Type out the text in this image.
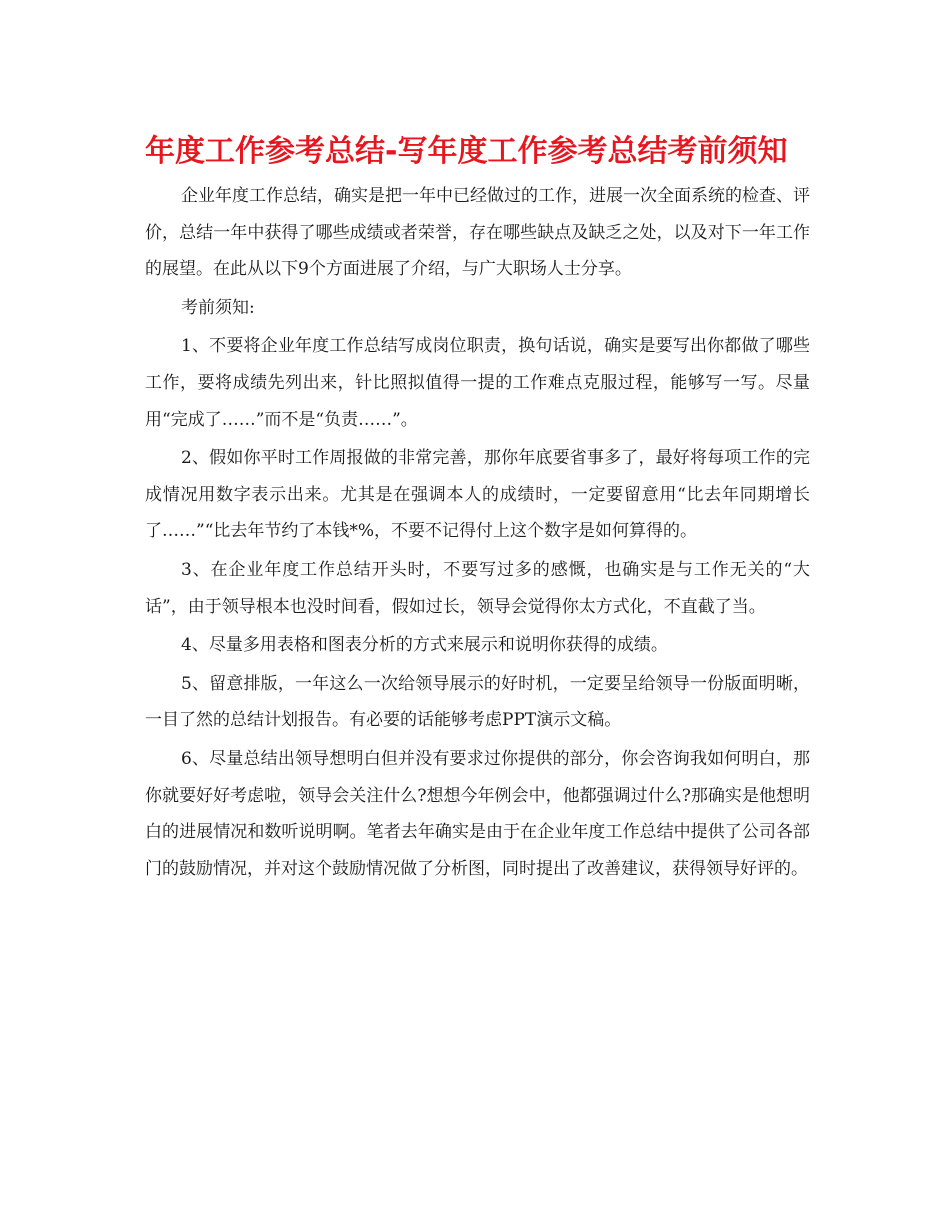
年度工作参考总结-写年度工作参考总结考前须知

企业年度工作总结，确实是把一年中已经做过的工作，进展一次全面系统的检查、评价，总结一年中获得了哪些成绩或者荣誉，存在哪些缺点及缺乏之处，以及对下一年工作的展望。在此从以下9个方面进展了介绍，与广大职场人士分享。

考前须知:

1、不要将企业年度工作总结写成岗位职责，换句话说，确实是要写出你都做了哪些工作，要将成绩先列出来，针比照拟值得一提的工作难点克服过程，能够写一写。尽量用“完成了……”而不是“负责……”。

2、假如你平时工作周报做的非常完善，那你年底要省事多了，最好将每项工作的完成情况用数字表示出来。尤其是在强调本人的成绩时，一定要留意用“比去年同期增长了……”“比去年节约了本钱*%，不要不记得付上这个数字是如何算得的。

3、在企业年度工作总结开头时，不要写过多的感慨，也确实是与工作无关的“大话”，由于领导根本也没时间看，假如过长，领导会觉得你太方式化，不直截了当。

4、尽量多用表格和图表分析的方式来展示和说明你获得的成绩。

5、留意排版，一年这么一次给领导展示的好时机，一定要呈给领导一份版面明晰，一目了然的总结计划报告。有必要的话能够考虑PPT演示文稿。

6、尽量总结出领导想明白但并没有要求过你提供的部分，你会咨询我如何明白，那你就要好好考虑啦，领导会关注什么?想想今年例会中，他都强调过什么?那确实是他想明白的进展情况和数听说明啊。笔者去年确实是由于在企业年度工作总结中提供了公司各部门的鼓励情况，并对这个鼓励情况做了分析图，同时提出了改善建议，获得领导好评的。
